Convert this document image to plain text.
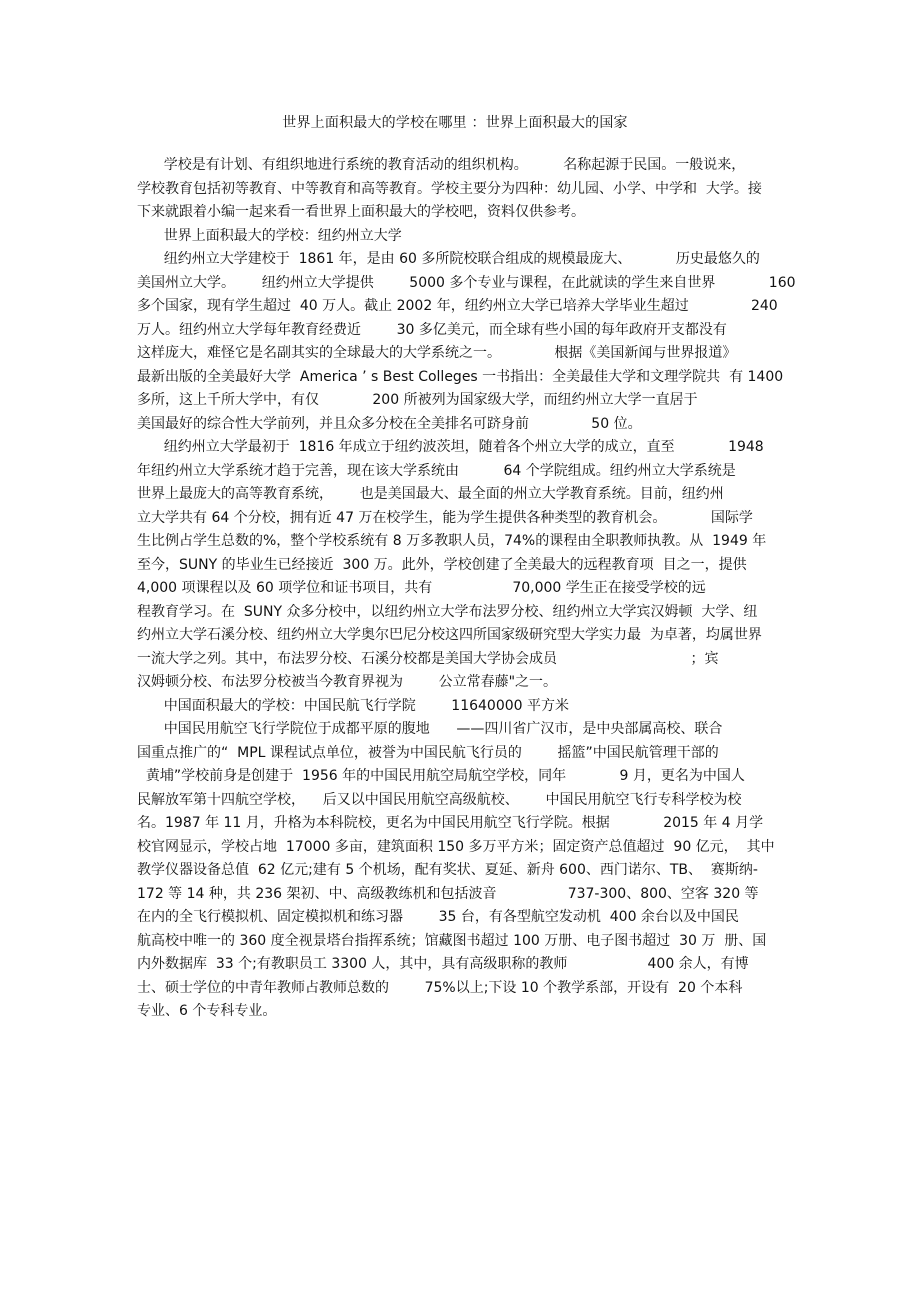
世界上面积最大的学校在哪里 ：世界上面积最大的国家
学校是有计划、有组织地进行系统的教育活动的组织机构。        名称起源于民国。一般说来，
学校教育包括初等教育、中等教育和高等教育。学校主要分为四种：幼儿园、小学、中学和  大学。接
下来就跟着小编一起来看一看世界上面积最大的学校吧，资料仅供参考。
世界上面积最大的学校：纽约州立大学
纽约州立大学建校于  1861 年，是由 60 多所院校联合组成的规模最庞大、          历史最悠久的
美国州立大学。      纽约州立大学提供        5000 多个专业与课程，在此就读的学生来自世界            160
多个国家，现有学生超过  40 万人。截止 2002 年，纽约州立大学已培养大学毕业生超过              240
万人。纽约州立大学每年教育经费近        30 多亿美元，而全球有些小国的每年政府开支都没有
这样庞大，难怪它是名副其实的全球最大的大学系统之一。            根据《美国新闻与世界报道》
最新出版的全美最好大学  America ’ s Best Colleges 一书指出：全美最佳大学和文理学院共  有 1400
多所，这上千所大学中，有仅            200 所被列为国家级大学，而纽约州立大学一直居于
美国最好的综合性大学前列，并且众多分校在全美排名可跻身前              50 位。
纽约州立大学最初于  1816 年成立于纽约波茨坦，随着各个州立大学的成立，直至            1948
年纽约州立大学系统才趋于完善，现在该大学系统由          64 个学院组成。纽约州立大学系统是
世界上最庞大的高等教育系统，      也是美国最大、最全面的州立大学教育系统。目前，纽约州
立大学共有 64 个分校，拥有近 47 万在校学生，能为学生提供各种类型的教育机会。          国际学
生比例占学生总数的%，整个学校系统有 8 万多教职人员，74%的课程由全职教师执教。从  1949 年
至今，SUNY 的毕业生已经接近  300 万。此外，学校创建了全美最大的远程教育项  目之一，提供
4,000 项课程以及 60 项学位和证书项目，共有                  70,000 学生正在接受学校的远
程教育学习。在  SUNY 众多分校中，以纽约州立大学布法罗分校、纽约州立大学宾汉姆顿  大学、纽
约州立大学石溪分校、纽约州立大学奥尔巴尼分校这四所国家级研究型大学实力最  为卓著，均属世界
一流大学之列。其中，布法罗分校、石溪分校都是美国大学协会成员                              ；宾
汉姆顿分校、布法罗分校被当今教育界视为        公立常春藤"之一。
中国面积最大的学校：中国民航飞行学院        11640000 平方米
中国民用航空飞行学院位于成都平原的腹地      ——四川省广汉市，是中央部属高校、联合
国重点推广的“  MPL 课程试点单位，被誉为中国民航飞行员的        摇篮”中国民航管理干部的
黄埔”学校前身是创建于  1956 年的中国民用航空局航空学校，同年            9 月，更名为中国人
民解放军第十四航空学校，    后又以中国民用航空高级航校、      中国民用航空飞行专科学校为校
名。1987 年 11 月，升格为本科院校，更名为中国民用航空飞行学院。根据            2015 年 4 月学
校官网显示，学校占地  17000 多亩，建筑面积 150 多万平方米；固定资产总值超过  90 亿元，  其中
教学仪器设备总值  62 亿元;建有 5 个机场，配有奖状、夏延、新舟 600、西门诺尔、TB、  赛斯纳-
172 等 14 种，共 236 架初、中、高级教练机和包括波音                737-300、800、空客 320 等
在内的全飞行模拟机、固定模拟机和练习器        35 台，有各型航空发动机  400 余台以及中国民
航高校中唯一的 360 度全视景塔台指挥系统；馆藏图书超过 100 万册、电子图书超过  30 万  册、国
内外数据库  33 个;有教职员工 3300 人，其中，具有高级职称的教师                  400 余人，有博
士、硕士学位的中青年教师占教师总数的        75%以上;下设 10 个教学系部，开设有  20 个本科
专业、6 个专科专业。
